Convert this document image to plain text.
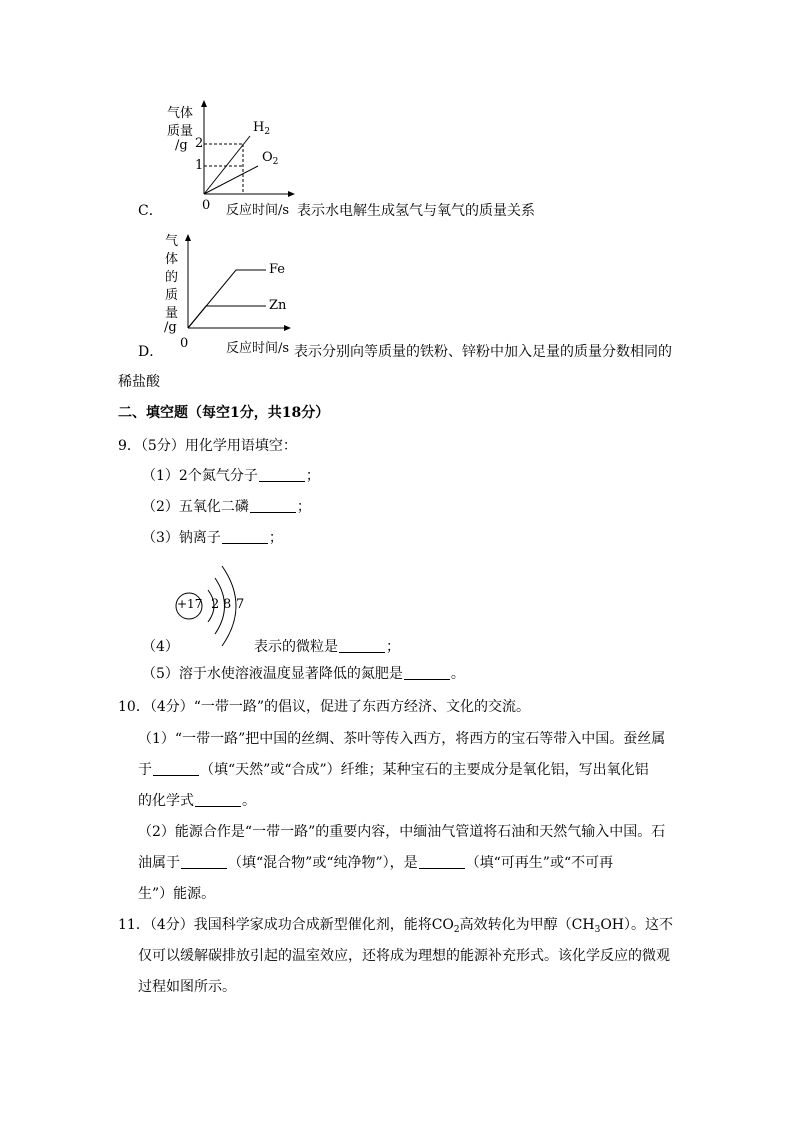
气体
质量
/g 2
1
0
$H_2$
$O_2$
C．	反应时间/s 表示水电解生成氢气与氧气的质量关系
气
体
的
质
量
/g
0
Fe
Zn
D．	反应时间/s 表示分别向等质量的铁粉、锌粉中加入足量的质量分数相同的
稀盐酸
二、填空题（每空1分，共18分）
9．（5分）用化学用语填空：
（1）2个氮气分子	；
（2）五氧化二磷	；
（3）钠离子	；
+17 2 8 7
（4）	表示的微粒是	；
（5）溶于水使溶液温度显著降低的氮肥是	。
10．（4分）“一带一路”的倡议，促进了东西方经济、文化的交流。
（1）“一带一路”把中国的丝绸、茶叶等传入西方，将西方的宝石等带入中国。蚕丝属
于	（填“天然”或“合成”）纤维；某种宝石的主要成分是氧化铝，写出氧化铝
的化学式	。
（2）能源合作是“一带一路”的重要内容，中缅油气管道将石油和天然气输入中国。石
油属于	（填“混合物”或“纯净物”），是	（填“可再生”或“不可再
生”）能源。
11．（4分）我国科学家成功合成新型催化剂，能将$CO_2$高效转化为甲醇$(CH_3OH)$。这不
仅可以缓解碳排放引起的温室效应，还将成为理想的能源补充形式。该化学反应的微观
过程如图所示。
